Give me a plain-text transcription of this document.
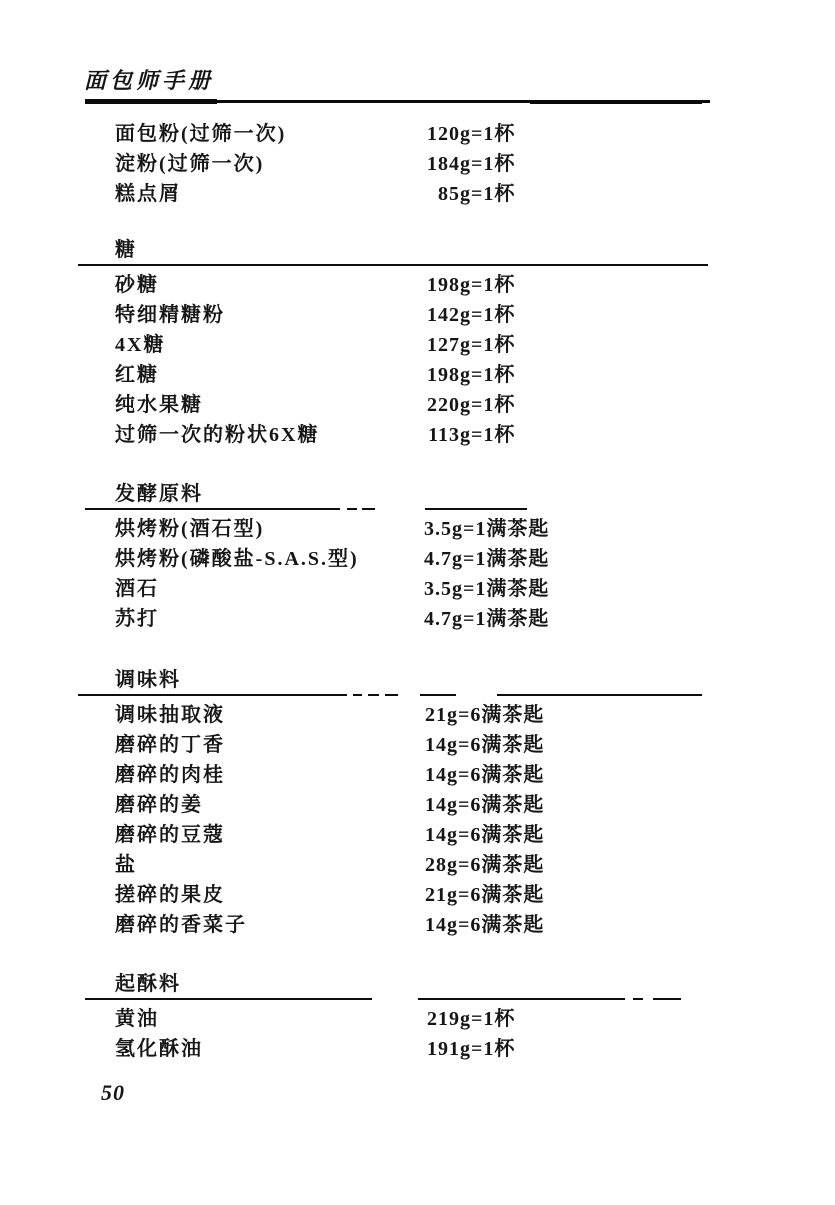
面包师手册
面包粉(过筛一次)	120g=1杯
淀粉(过筛一次)	184g=1杯
糕点屑	85g=1杯
糖
砂糖	198g=1杯
特细精糖粉	142g=1杯
4X糖	127g=1杯
红糖	198g=1杯
纯水果糖	220g=1杯
过筛一次的粉状6X糖	113g=1杯
发酵原料
烘烤粉(酒石型)	3.5g=1满茶匙
烘烤粉(磷酸盐-S.A.S.型)	4.7g=1满茶匙
酒石	3.5g=1满茶匙
苏打	4.7g=1满茶匙
调味料
调味抽取液	21g=6满茶匙
磨碎的丁香	14g=6满茶匙
磨碎的肉桂	14g=6满茶匙
磨碎的姜	14g=6满茶匙
磨碎的豆蔻	14g=6满茶匙
盐	28g=6满茶匙
搓碎的果皮	21g=6满茶匙
磨碎的香菜子	14g=6满茶匙
起酥料
黄油	219g=1杯
氢化酥油	191g=1杯
50
